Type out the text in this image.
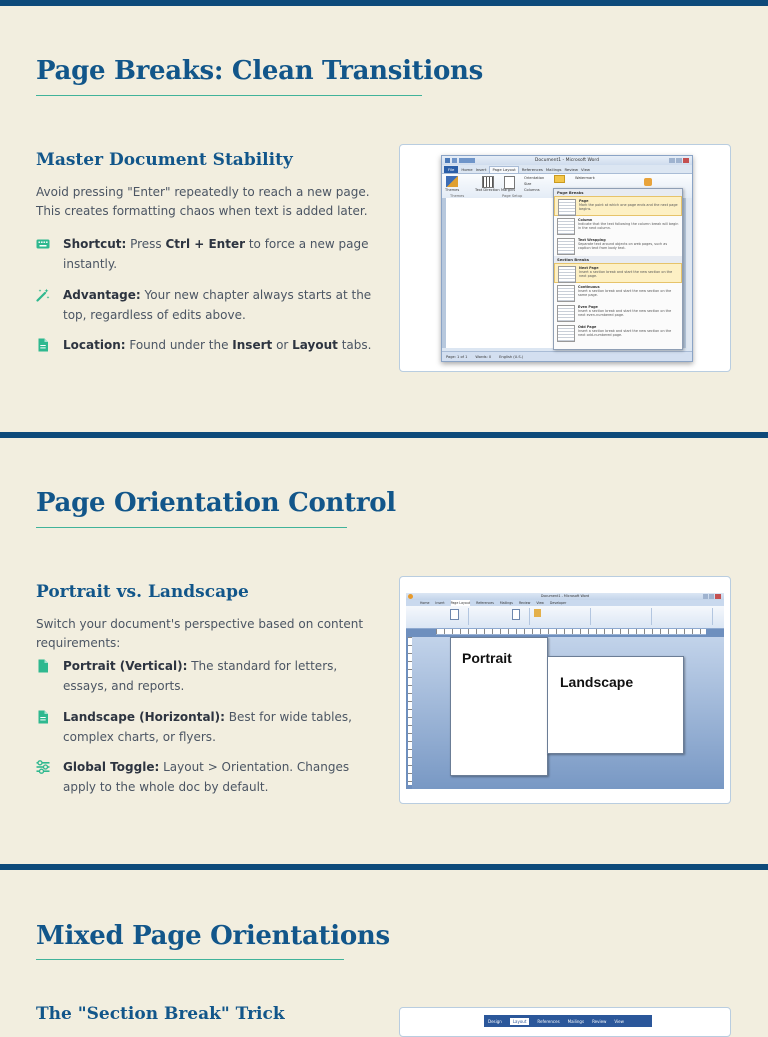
Page Breaks: Clean Transitions
Master Document Stability
Avoid pressing "Enter" repeatedly to reach a new page. This creates formatting chaos when text is added later.
Shortcut: Press Ctrl + Enter to force a new page instantly.
Advantage: Your new chapter always starts at the top, regardless of edits above.
Location: Found under the Insert or Layout tabs.
Document1 - Microsoft Word
File	Home Insert	Page Layout	References Mailings Review View
Themes	Text Direction Margins
Orientation
Size
Columns
Watermark
Themes	Page Setup
Page: 1 of 1 Words: 0 English (U.S.)
Page Breaks
Page
Mark the point at which one page ends and the next page begins.
Column
Indicate that the text following the column break will begin in the next column.
Text Wrapping
Separate text around objects on web pages, such as caption text from body text.
Section Breaks
Next Page
Insert a section break and start the new section on the next page.
Continuous
Insert a section break and start the new section on the same page.
Even Page
Insert a section break and start the new section on the next even-numbered page.
Odd Page
Insert a section break and start the new section on the next odd-numbered page.
Page Orientation Control
Portrait vs. Landscape
Switch your document's perspective based on content requirements:
Portrait (Vertical): The standard for letters, essays, and reports.
Landscape (Horizontal): Best for wide tables, complex charts, or flyers.
Global Toggle: Layout > Orientation. Changes apply to the whole doc by default.
Document1 - Microsoft Word
Home Insert Page Layout References Mailings Review View Developer
Portrait
Landscape
Mixed Page Orientations
The "Section Break" Trick	Design	Layout	References Mailings Review View
